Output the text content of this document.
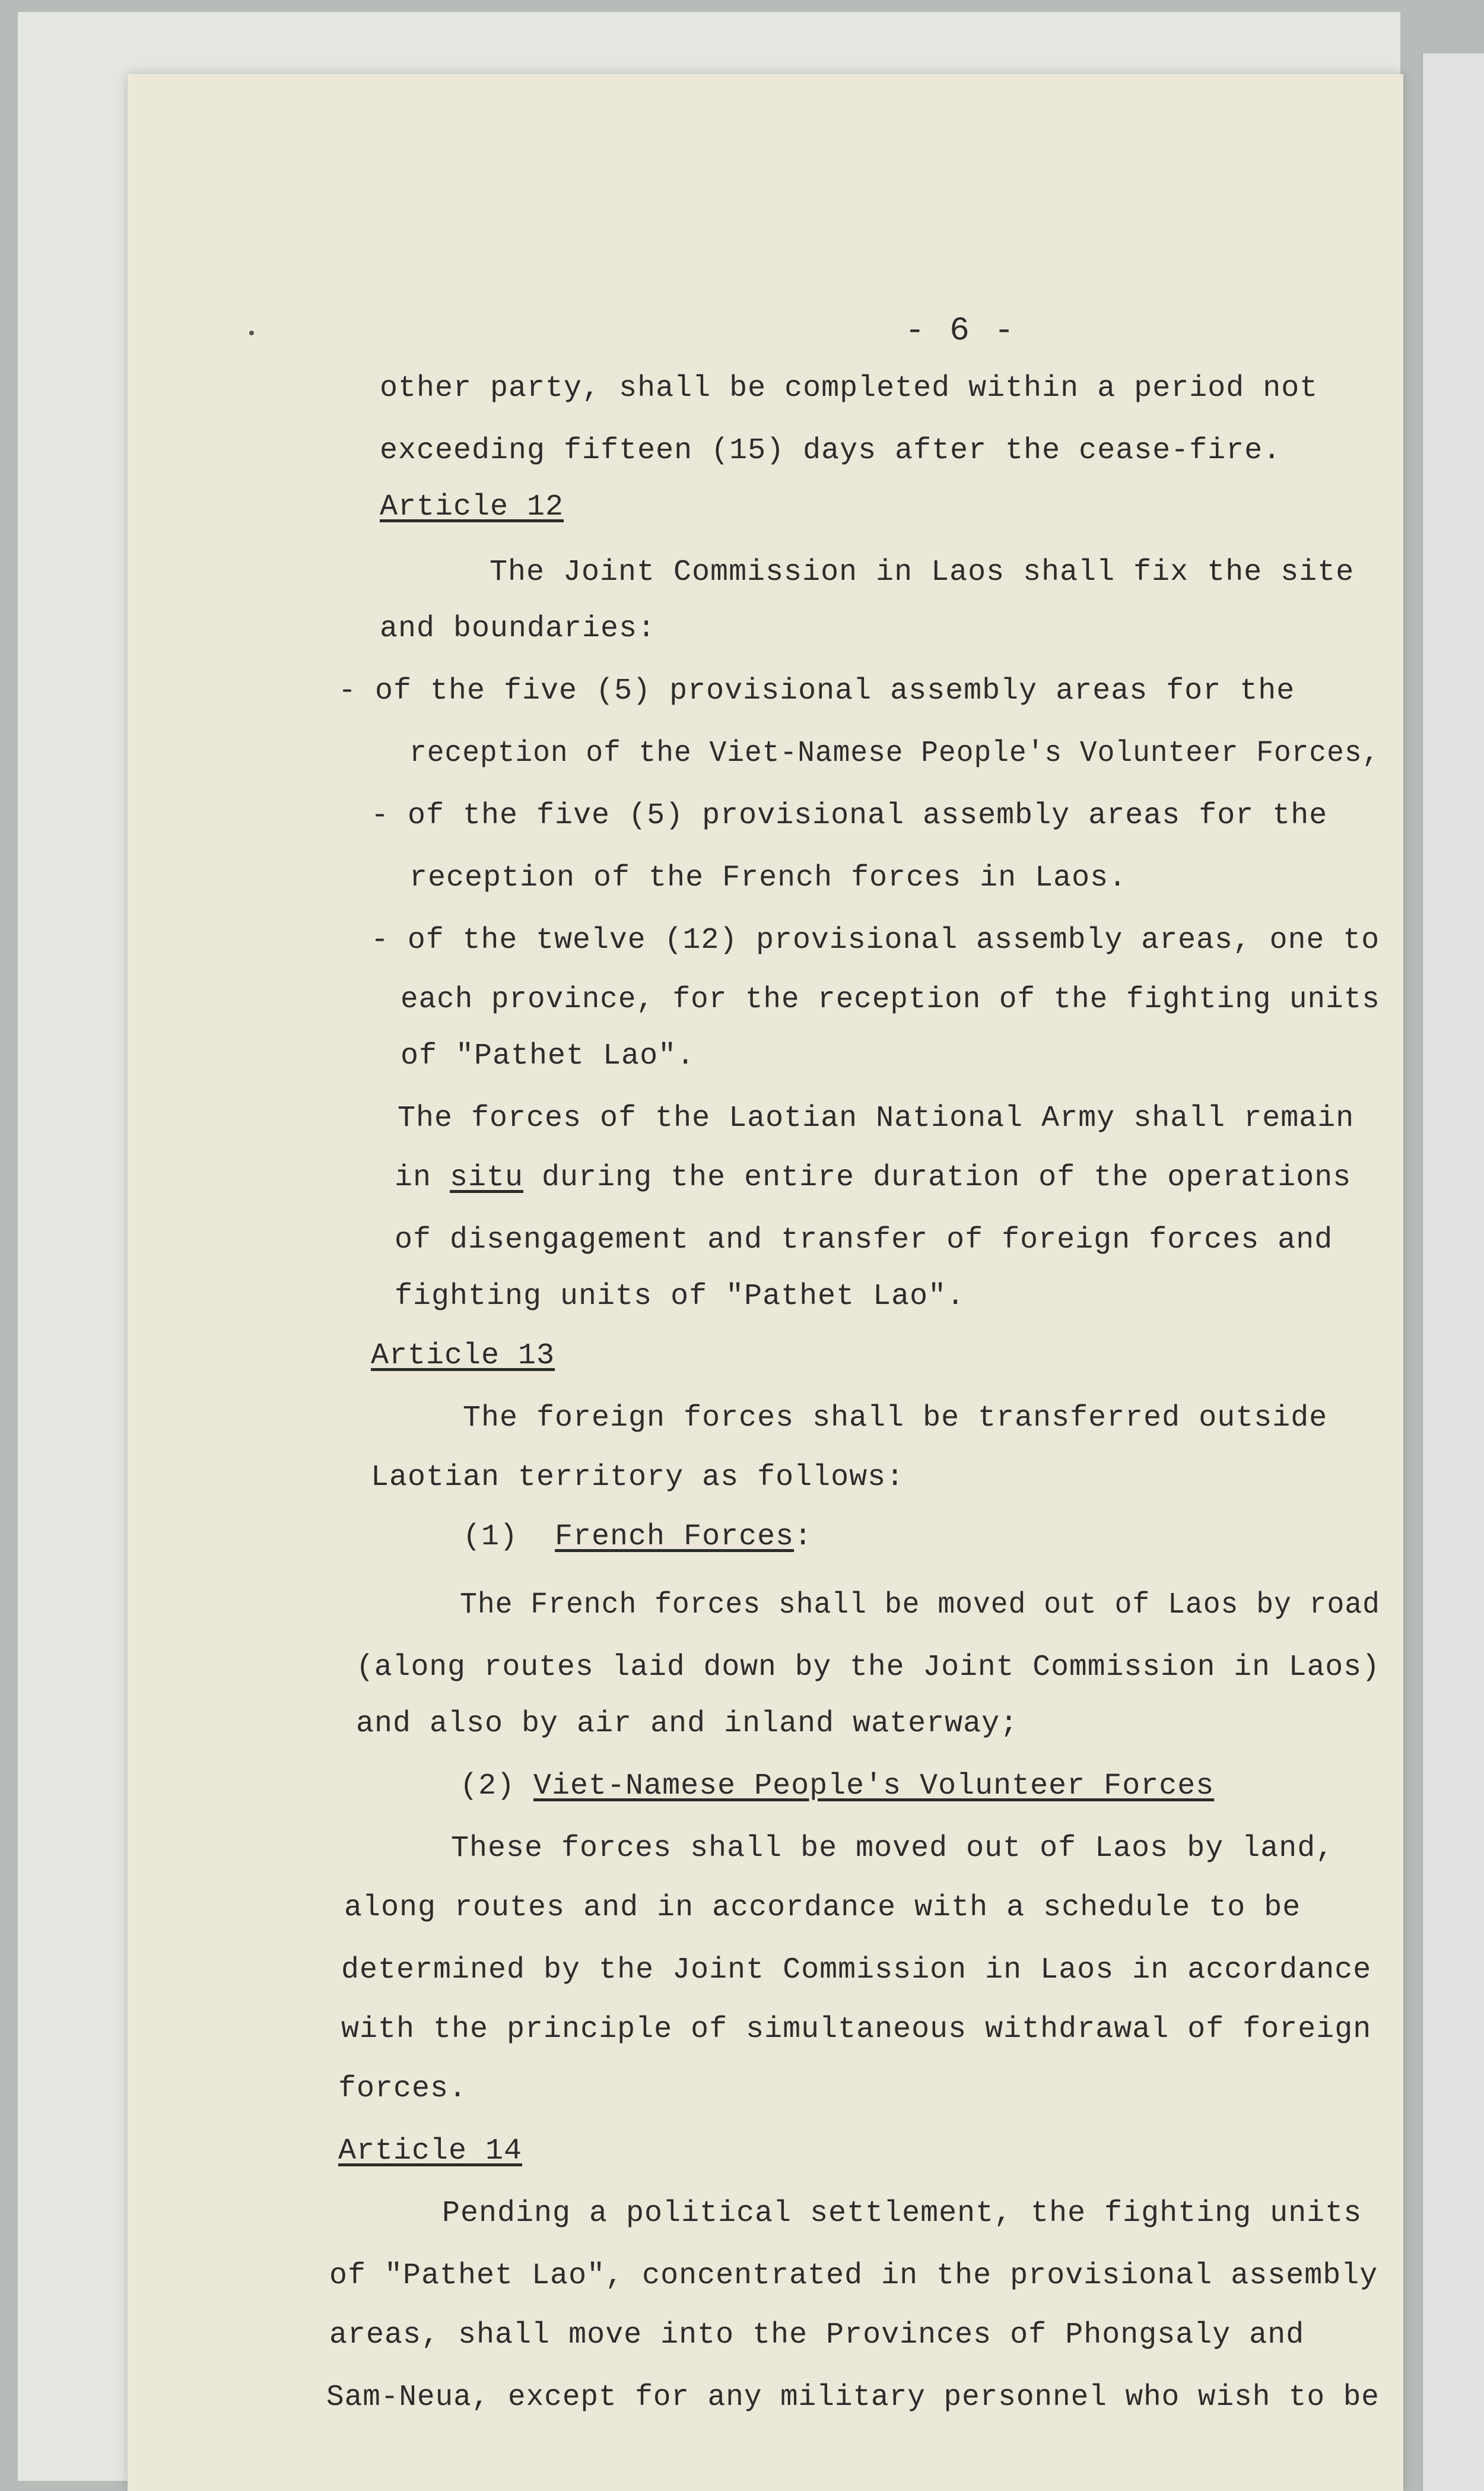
- 6 -
other party, shall be completed within a period not
exceeding fifteen (15) days after the cease-fire.
Article 12
The Joint Commission in Laos shall fix the site
and boundaries:
- of the five (5) provisional assembly areas for the
reception of the Viet-Namese People's Volunteer Forces,
- of the five (5) provisional assembly areas for the
reception of the French forces in Laos.
- of the twelve (12) provisional assembly areas, one to
each province, for the reception of the fighting units
of "Pathet Lao".
The forces of the Laotian National Army shall remain
in situ during the entire duration of the operations
of disengagement and transfer of foreign forces and
fighting units of "Pathet Lao".
Article 13
The foreign forces shall be transferred outside
Laotian territory as follows:
(1)  French Forces:
The French forces shall be moved out of Laos by road
(along routes laid down by the Joint Commission in Laos)
and also by air and inland waterway;
(2) Viet-Namese People's Volunteer Forces
These forces shall be moved out of Laos by land,
along routes and in accordance with a schedule to be
determined by the Joint Commission in Laos in accordance
with the principle of simultaneous withdrawal of foreign
forces.
Article 14
Pending a political settlement, the fighting units
of "Pathet Lao", concentrated in the provisional assembly
areas, shall move into the Provinces of Phongsaly and
Sam-Neua, except for any military personnel who wish to be
